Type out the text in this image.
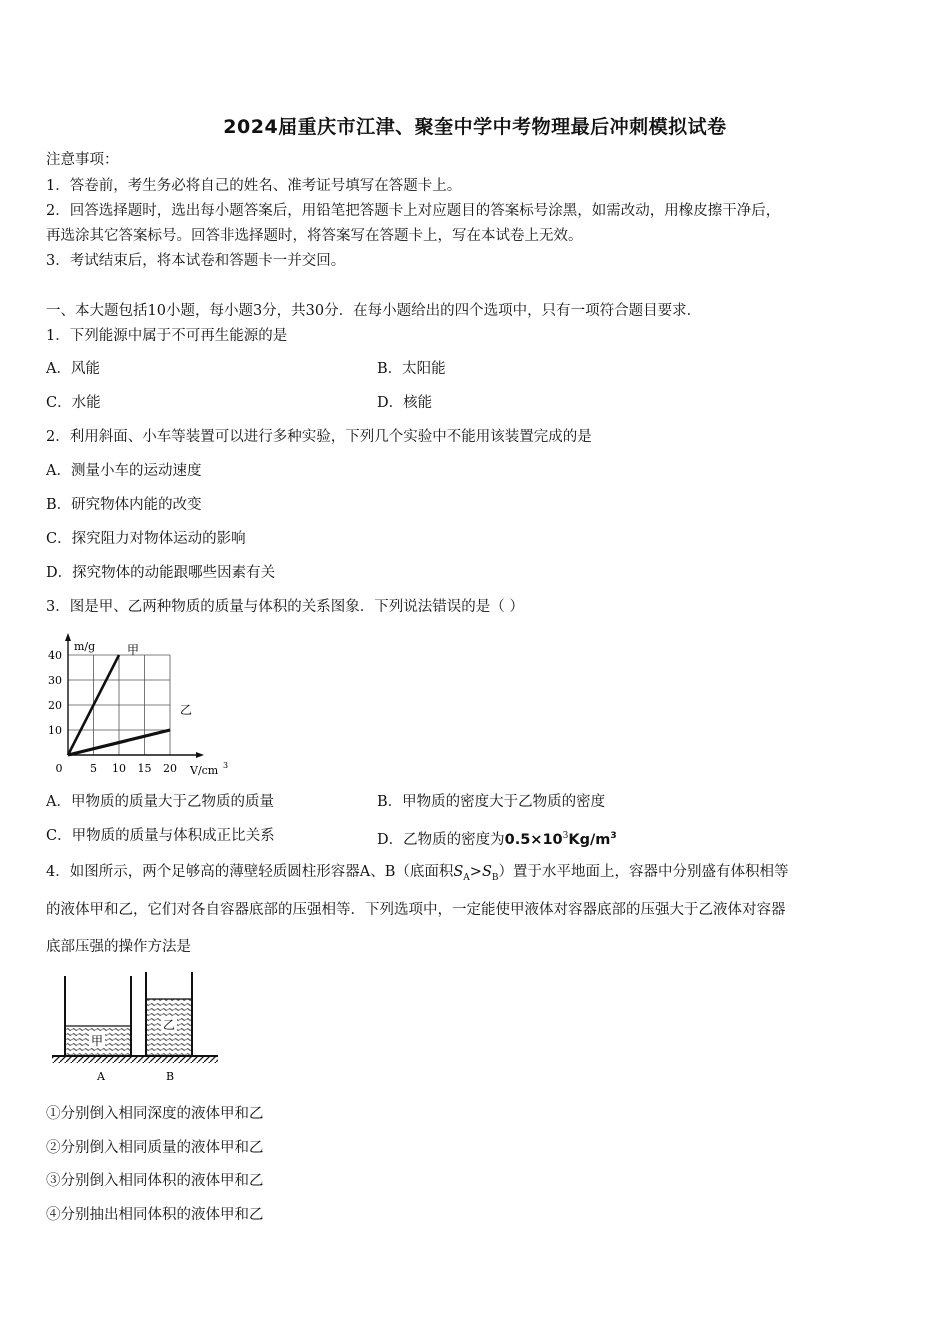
2024届重庆市江津、聚奎中学中考物理最后冲刺模拟试卷
注意事项：
1．答卷前，考生务必将自己的姓名、准考证号填写在答题卡上。
2．回答选择题时，选出每小题答案后，用铅笔把答题卡上对应题目的答案标号涂黑，如需改动，用橡皮擦干净后，
再选涂其它答案标号。回答非选择题时，将答案写在答题卡上，写在本试卷上无效。
3．考试结束后，将本试卷和答题卡一并交回。
一、本大题包括10小题，每小题3分，共30分．在每小题给出的四个选项中，只有一项符合题目要求．
1．下列能源中属于不可再生能源的是
A．风能	B．太阳能
C．水能	D．核能
2．利用斜面、小车等装置可以进行多种实验，下列几个实验中不能用该装置完成的是
A．测量小车的运动速度
B．研究物体内能的改变
C．探究阻力对物体运动的影响
D．探究物体的动能跟哪些因素有关
3．图是甲、乙两种物质的质量与体积的关系图象．下列说法错误的是（ ）
0	5 10 15 20
10
20
30
40
m/g
V/cm 3
甲
乙
A．甲物质的质量大于乙物质的质量	B．甲物质的密度大于乙物质的密度
C．甲物质的质量与体积成正比关系	D．乙物质的密度为$0.5\times 10^3Kg/m^3$
4．如图所示，两个足够高的薄壁轻质圆柱形容器A、B（底面积$S_A>S_B$）置于水平地面上，容器中分别盛有体积相等
的液体甲和乙，它们对各自容器底部的压强相等．下列选项中，一定能使甲液体对容器底部的压强大于乙液体对容器
底部压强的操作方法是
甲
乙
A	B
①分别倒入相同深度的液体甲和乙
②分别倒入相同质量的液体甲和乙
③分别倒入相同体积的液体甲和乙
④分别抽出相同体积的液体甲和乙
